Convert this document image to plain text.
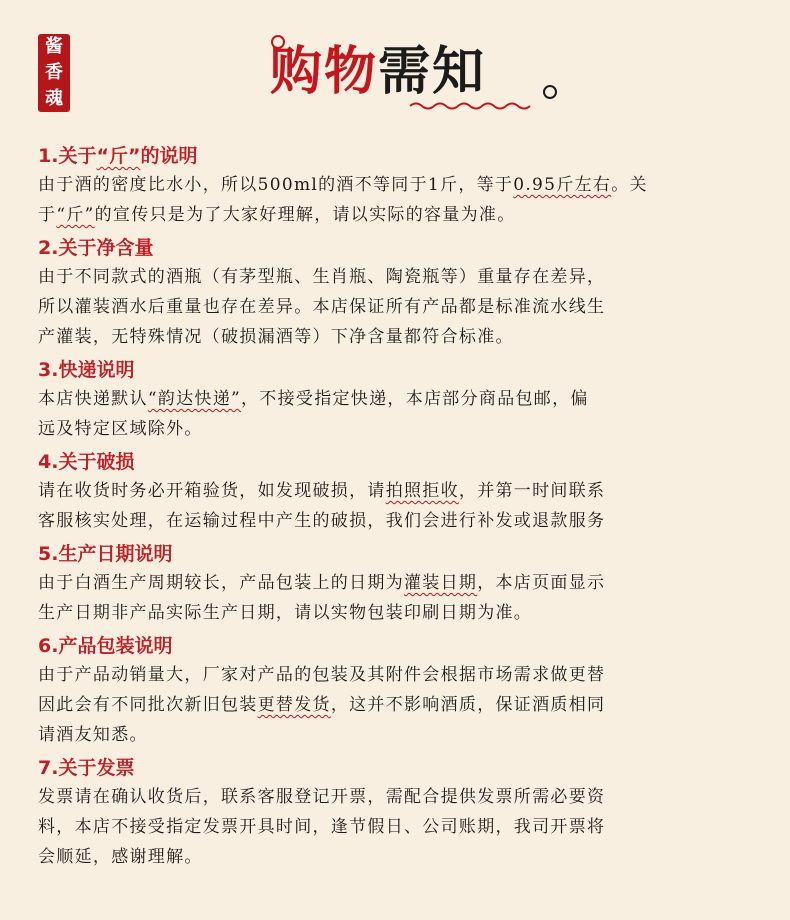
酱
香
魂	购物需知
1.关于“斤”的说明
由于酒的密度比水小，所以500ml的酒不等同于1斤，等于0.95斤左右。关
于“斤”的宣传只是为了大家好理解，请以实际的容量为准。
2.关于净含量
由于不同款式的酒瓶（有茅型瓶、生肖瓶、陶瓷瓶等）重量存在差异，
所以灌装酒水后重量也存在差异。本店保证所有产品都是标准流水线生
产灌装，无特殊情况（破损漏酒等）下净含量都符合标准。
3.快递说明
本店快递默认“韵达快递”，不接受指定快递，本店部分商品包邮，偏
远及特定区域除外。
4.关于破损
请在收货时务必开箱验货，如发现破损，请拍照拒收，并第一时间联系
客服核实处理，在运输过程中产生的破损，我们会进行补发或退款服务
5.生产日期说明
由于白酒生产周期较长，产品包装上的日期为灌装日期，本店页面显示
生产日期非产品实际生产日期，请以实物包装印刷日期为准。
6.产品包装说明
由于产品动销量大，厂家对产品的包装及其附件会根据市场需求做更替
因此会有不同批次新旧包装更替发货，这并不影响酒质，保证酒质相同
请酒友知悉。
7.关于发票
发票请在确认收货后，联系客服登记开票，需配合提供发票所需必要资
料，本店不接受指定发票开具时间，逢节假日、公司账期，我司开票将
会顺延，感谢理解。
